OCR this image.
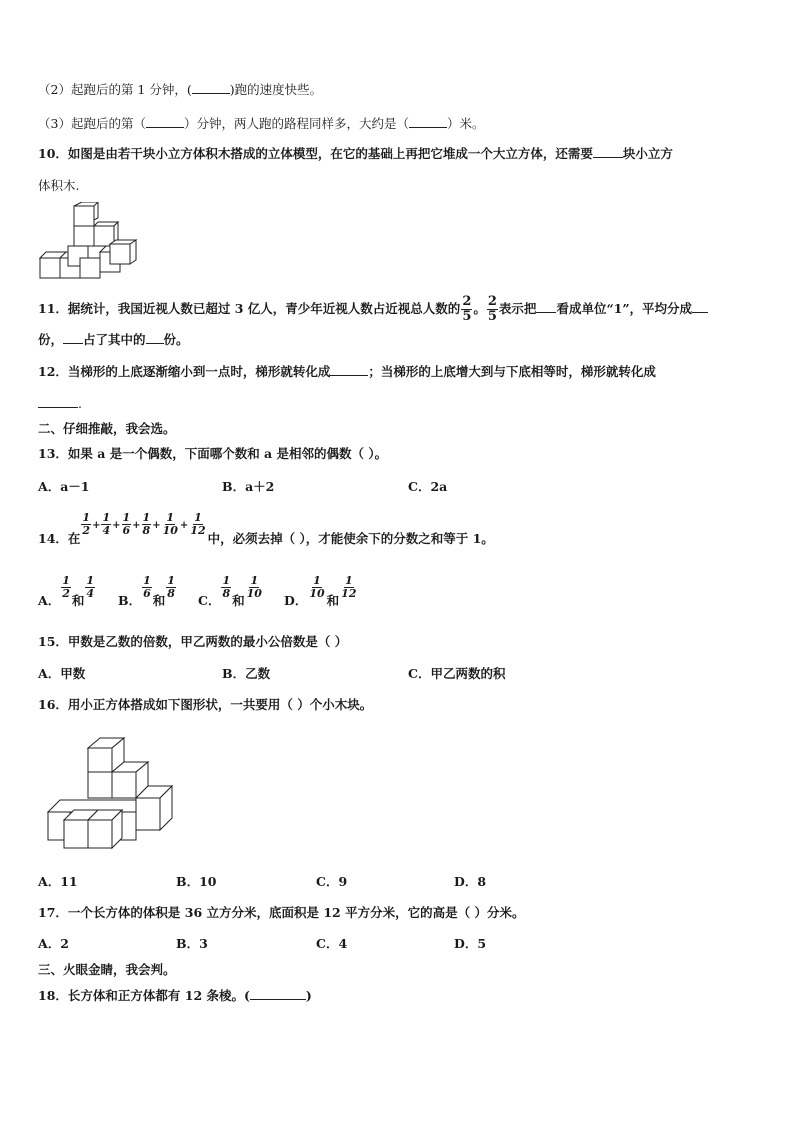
（2）起跑后的第 1 分钟，(	)跑的速度快些。
（3）起跑后的第（	）分钟，两人跑的路程同样多，大约是（	）米。
10．如图是由若干块小立方体积木搭成的立体模型，在它的基础上再把它堆成一个大立方体，还需要 块小立方
体积木.
11．据统计，我国近视人数已超过 3 亿人，青少年近视人数占近视总人数的 $\frac{2}{5}$ 。 $\frac{2}{5}$ 表示把 看成单位“1”，平均分成
份， 占了其中的 份。
12．当梯形的上底逐渐缩小到一点时，梯形就转化成	；当梯形的上底增大到与下底相等时，梯形就转化成
.
二、仔细推敲，我会选。
13．如果 a 是一个偶数，下面哪个数和 a 是相邻的偶数（ ）。
A．a－1	B．a＋2	C．2a
14．在
$\frac{1}{2} + \frac{1}{4} + \frac{1}{6} + \frac{1}{8} + \frac{1}{10} + \frac{1}{12}$
中，必须去掉（ ），才能使余下的分数之和等于 1。
A．
$\frac{1}{2}$
和
$\frac{1}{4}$
B．
$\frac{1}{6}$
和
$\frac{1}{8}$
C．
$\frac{1}{8}$
和
$\frac{1}{10}$
D．
$\frac{1}{10}$
和
$\frac{1}{12}$
15．甲数是乙数的倍数，甲乙两数的最小公倍数是（ ）
A．甲数	B．乙数	C．甲乙两数的积
16．用小正方体搭成如下图形状，一共要用（ ）个小木块。
A．11	B．10	C．9	D．8
17．一个长方体的体积是 36 立方分米，底面积是 12 平方分米，它的高是（ ）分米。
A．2	B．3	C．4	D．5
三、火眼金睛，我会判。
18．长方体和正方体都有 12 条棱。(	)
